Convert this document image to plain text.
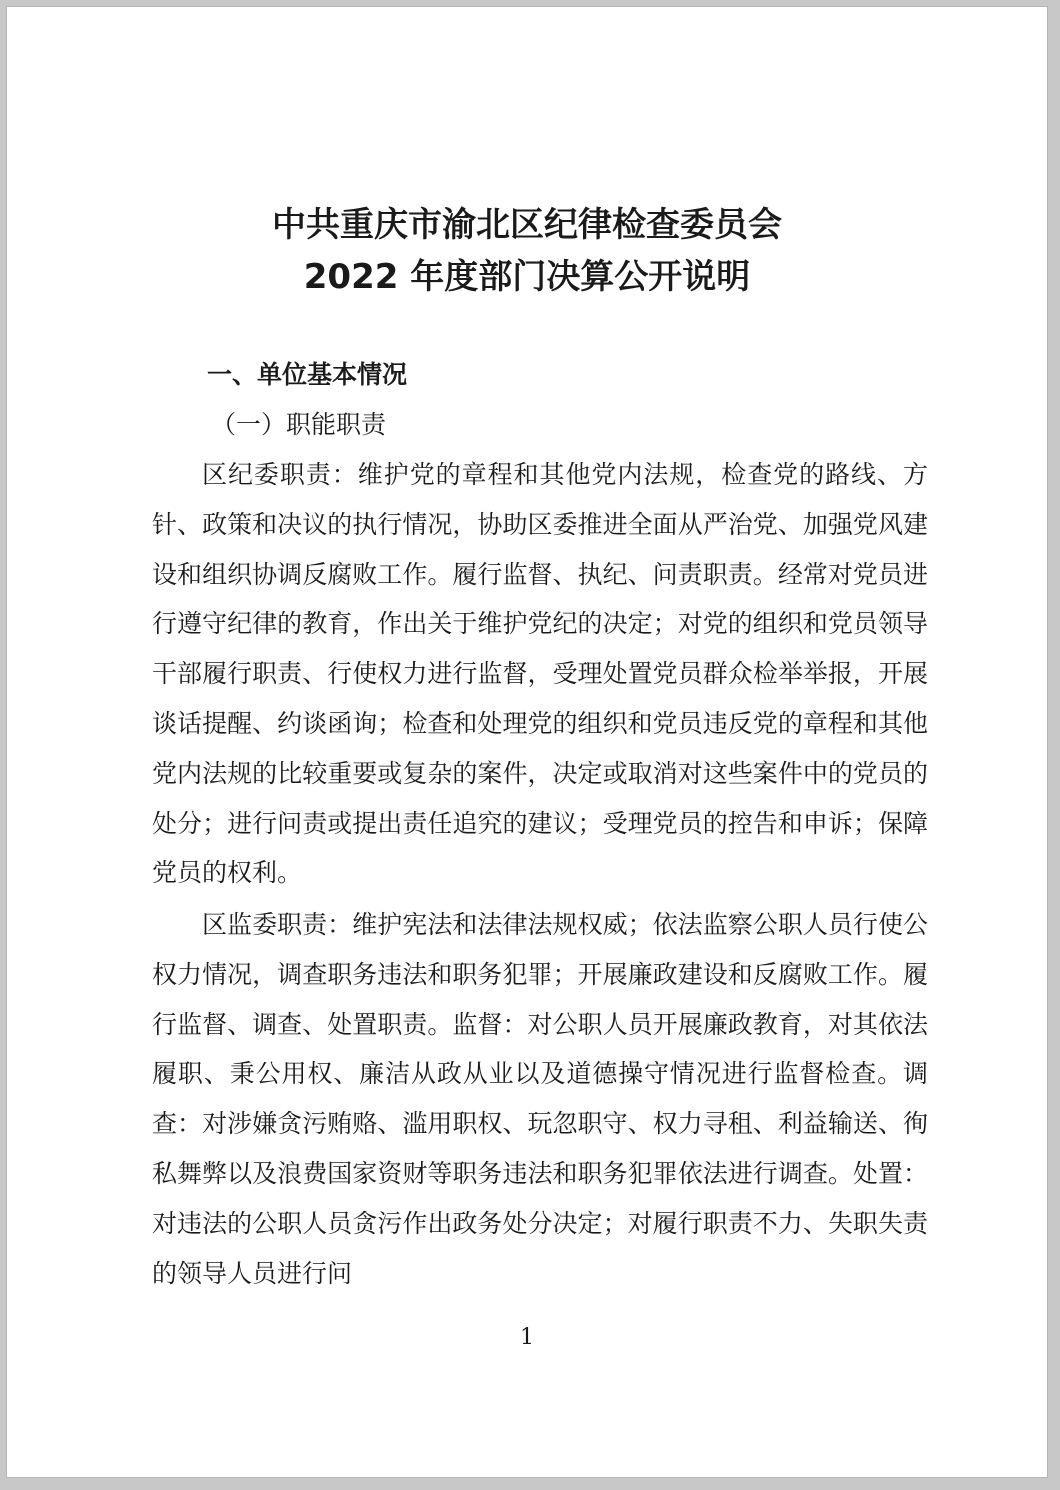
中共重庆市渝北区纪律检查委员会
2022 年度部门决算公开说明
一、单位基本情况
（一）职能职责

区纪委职责：维护党的章程和其他党内法规，检查党的路线、方针、政策和决议的执行情况，协助区委推进全面从严治党、加强党风建设和组织协调反腐败工作。履行监督、执纪、问责职责。经常对党员进行遵守纪律的教育，作出关于维护党纪的决定；对党的组织和党员领导干部履行职责、行使权力进行监督，受理处置党员群众检举举报，开展谈话提醒、约谈函询；检查和处理党的组织和党员违反党的章程和其他党内法规的比较重要或复杂的案件，决定或取消对这些案件中的党员的处分；进行问责或提出责任追究的建议；受理党员的控告和申诉；保障党员的权利。

区监委职责：维护宪法和法律法规权威；依法监察公职人员行使公权力情况，调查职务违法和职务犯罪；开展廉政建设和反腐败工作。履行监督、调查、处置职责。监督：对公职人员开展廉政教育，对其依法履职、秉公用权、廉洁从政从业以及道德操守情况进行监督检查。调查：对涉嫌贪污贿赂、滥用职权、玩忽职守、权力寻租、利益输送、徇私舞弊以及浪费国家资财等职务违法和职务犯罪依法进行调查。处置：对违法的公职人员贪污作出政务处分决定；对履行职责不力、失职失责的领导人员进行问

1
